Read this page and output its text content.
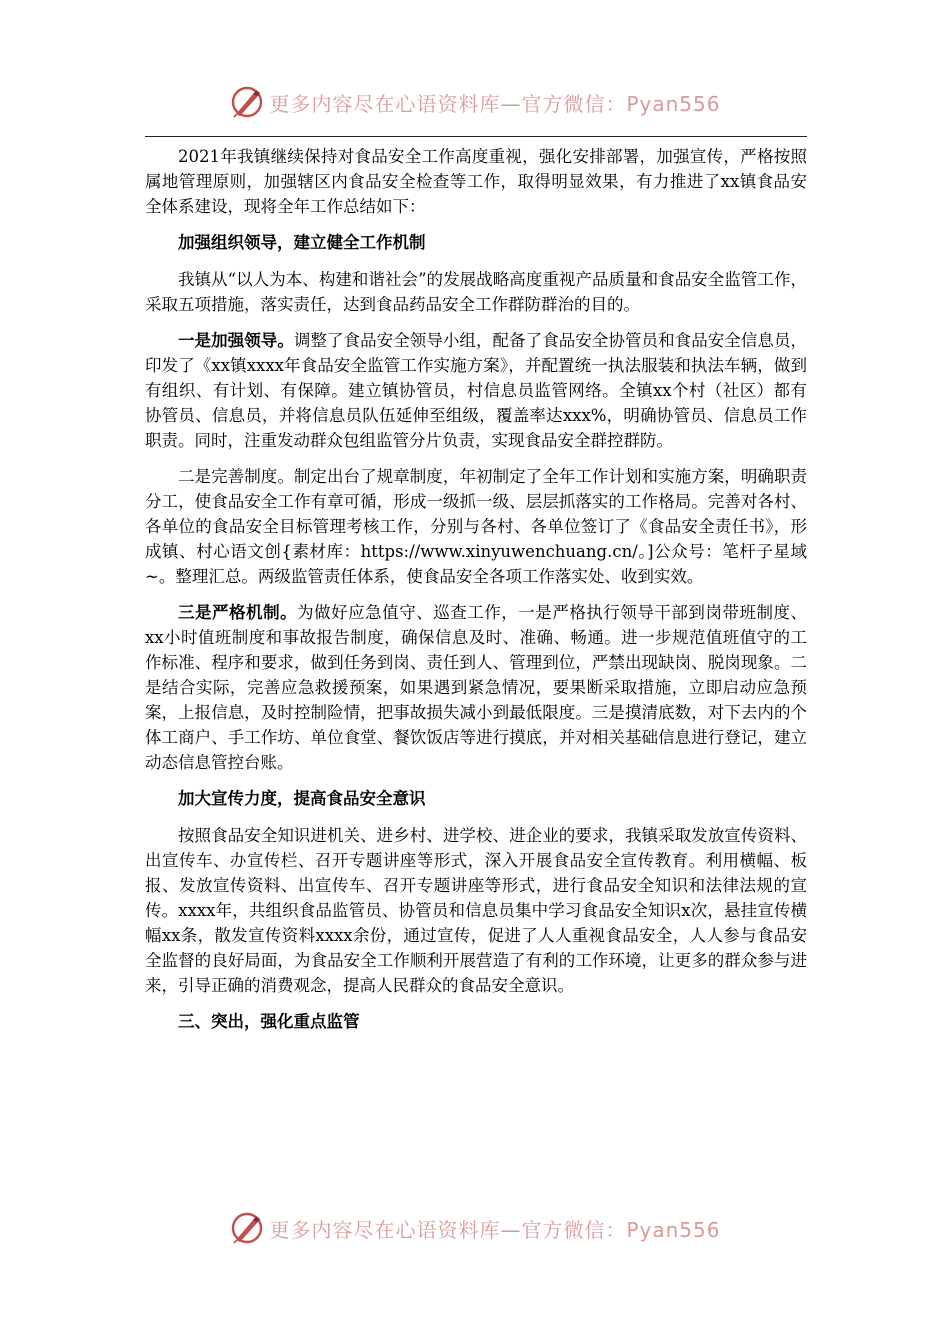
更多内容尽在心语资料库—官方微信：Pyan556

2021年我镇继续保持对食品安全工作高度重视，强化安排部署，加强宣传，严格按照属地管理原则，加强辖区内食品安全检查等工作，取得明显效果，有力推进了xx镇食品安全体系建设，现将全年工作总结如下：

加强组织领导，建立健全工作机制

我镇从“以人为本、构建和谐社会”的发展战略高度重视产品质量和食品安全监管工作，采取五项措施，落实责任，达到食品药品安全工作群防群治的目的。

一是加强领导。调整了食品安全领导小组，配备了食品安全协管员和食品安全信息员，印发了《xx镇xxxx年食品安全监管工作实施方案》，并配置统一执法服装和执法车辆，做到有组织、有计划、有保障。建立镇协管员，村信息员监管网络。全镇xx个村（社区）都有协管员、信息员，并将信息员队伍延伸至组级，覆盖率达xxx%，明确协管员、信息员工作职责。同时，注重发动群众包组监管分片负责，实现食品安全群控群防。

二是完善制度。制定出台了规章制度，年初制定了全年工作计划和实施方案，明确职责分工，使食品安全工作有章可循，形成一级抓一级、层层抓落实的工作格局。完善对各村、各单位的食品安全目标管理考核工作，分别与各村、各单位签订了《食品安全责任书》，形成镇、村心语文创{素材库：https://www.xinyuwenchuang.cn/。]公众号：笔杆子星域~。整理汇总。两级监管责任体系，使食品安全各项工作落实处、收到实效。

三是严格机制。为做好应急值守、巡查工作，一是严格执行领导干部到岗带班制度、xx小时值班制度和事故报告制度，确保信息及时、准确、畅通。进一步规范值班值守的工作标准、程序和要求，做到任务到岗、责任到人、管理到位，严禁出现缺岗、脱岗现象。二是结合实际，完善应急救援预案，如果遇到紧急情况，要果断采取措施，立即启动应急预案，上报信息，及时控制险情，把事故损失减小到最低限度。三是摸清底数，对下去内的个体工商户、手工作坊、单位食堂、餐饮饭店等进行摸底，并对相关基础信息进行登记，建立动态信息管控台账。

加大宣传力度，提高食品安全意识

按照食品安全知识进机关、进乡村、进学校、进企业的要求，我镇采取发放宣传资料、出宣传车、办宣传栏、召开专题讲座等形式，深入开展食品安全宣传教育。利用横幅、板报、发放宣传资料、出宣传车、召开专题讲座等形式，进行食品安全知识和法律法规的宣传。xxxx年，共组织食品监管员、协管员和信息员集中学习食品安全知识x次，悬挂宣传横幅xx条，散发宣传资料xxxx余份，通过宣传，促进了人人重视食品安全，人人参与食品安全监督的良好局面，为食品安全工作顺利开展营造了有利的工作环境，让更多的群众参与进来，引导正确的消费观念，提高人民群众的食品安全意识。

三、突出，强化重点监管

更多内容尽在心语资料库—官方微信：Pyan556
